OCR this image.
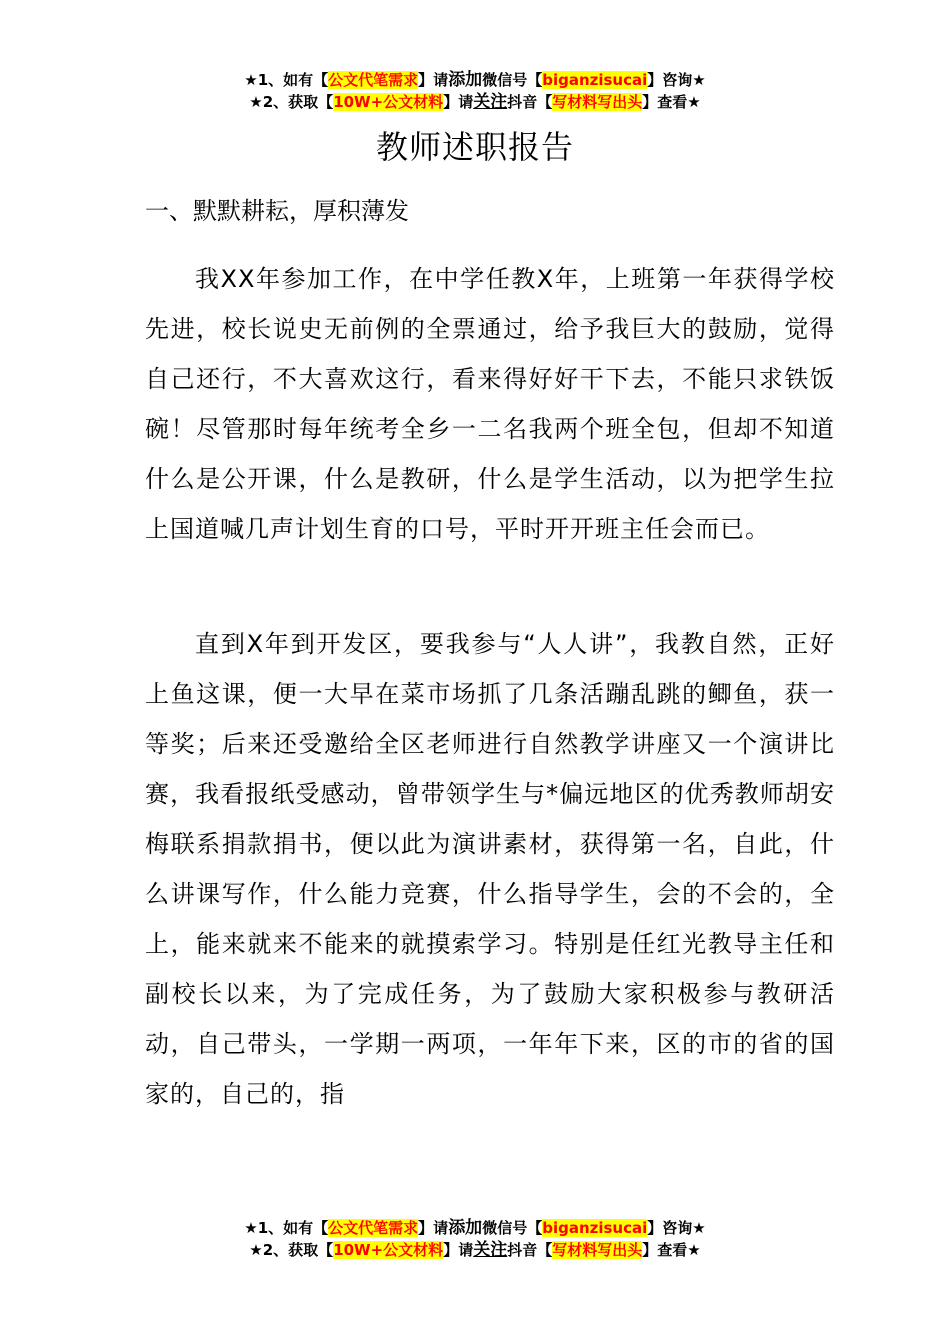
★1、如有【公文代笔需求】请添加微信号【biganzisucai】咨询★
★2、获取【10W+公文材料】请关注抖音【写材料写出头】查看★
教师述职报告
一、默默耕耘，厚积薄发

我XX年参加工作，在中学任教X年，上班第一年获得学校先进，校长说史无前例的全票通过，给予我巨大的鼓励，觉得自己还行，不大喜欢这行，看来得好好干下去，不能只求铁饭碗！尽管那时每年统考全乡一二名我两个班全包，但却不知道什么是公开课，什么是教研，什么是学生活动，以为把学生拉上国道喊几声计划生育的口号，平时开开班主任会而已。

直到X年到开发区，要我参与“人人讲”，我教自然，正好上鱼这课，便一大早在菜市场抓了几条活蹦乱跳的鲫鱼，获一等奖；后来还受邀给全区老师进行自然教学讲座又一个演讲比赛，我看报纸受感动，曾带领学生与*偏远地区的优秀教师胡安梅联系捐款捐书，便以此为演讲素材，获得第一名，自此，什么讲课写作，什么能力竞赛，什么指导学生，会的不会的，全上，能来就来不能来的就摸索学习。特别是任红光教导主任和副校长以来，为了完成任务，为了鼓励大家积极参与教研活动，自己带头，一学期一两项，一年年下来，区的市的省的国家的，自己的，指

★1、如有【公文代笔需求】请添加微信号【biganzisucai】咨询★
★2、获取【10W+公文材料】请关注抖音【写材料写出头】查看★
